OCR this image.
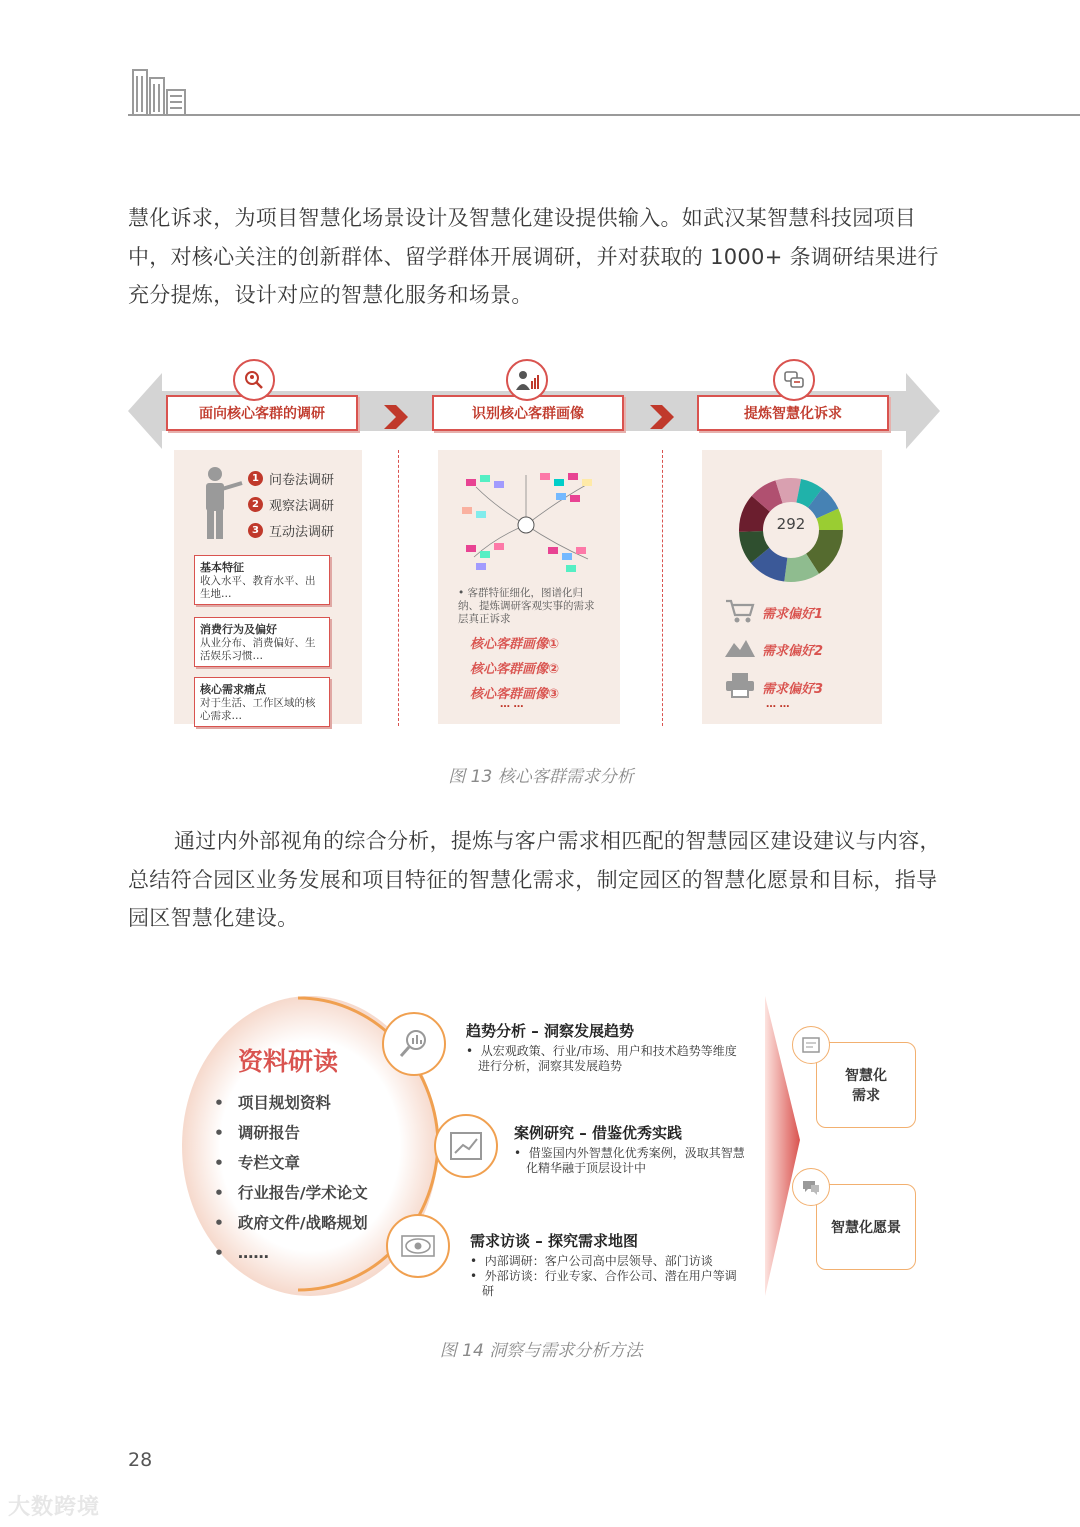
慧化诉求，为项目智慧化场景设计及智慧化建设提供输入。如武汉某智慧科技园项目中，对核心关注的创新群体、留学群体开展调研，并对获取的 1000+ 条调研结果进行充分提炼，设计对应的智慧化服务和场景。

面向核心客群的调研	识别核心客群画像	提炼智慧化诉求
1 问卷法调研
2 观察法调研
3 互动法调研
基本特征
收入水平、教育水平、出生地…
消费行为及偏好
从业分布、消费偏好、生活娱乐习惯…
核心需求痛点
对于生活、工作区域的核心需求…
• 客群特征细化，图谱化归纳、提炼调研客观实事的需求层真正诉求
核心客群画像①
核心客群画像②
核心客群画像③
… …
292
需求偏好1
需求偏好2
需求偏好3
… …
图 13 核心客群需求分析

通过内外部视角的综合分析，提炼与客户需求相匹配的智慧园区建设建议与内容，总结符合园区业务发展和项目特征的智慧化需求，制定园区的智慧化愿景和目标，指导园区智慧化建设。

资料研读
• 项目规划资料
• 调研报告
• 专栏文章
• 行业报告/学术论文
• 政府文件/战略规划
• ……
趋势分析 – 洞察发展趋势
•  从宏观政策、行业/市场、用户和技术趋势等维度进行分析，洞察其发展趋势
案例研究 – 借鉴优秀实践
•  借鉴国内外智慧化优秀案例，汲取其智慧化精华融于顶层设计中
需求访谈 – 探究需求地图
•  内部调研：客户公司高中层领导、部门访谈
•  外部访谈：行业专家、合作公司、潜在用户等调研
智慧化需求
智慧化愿景
图 14 洞察与需求分析方法
28
大数跨境
